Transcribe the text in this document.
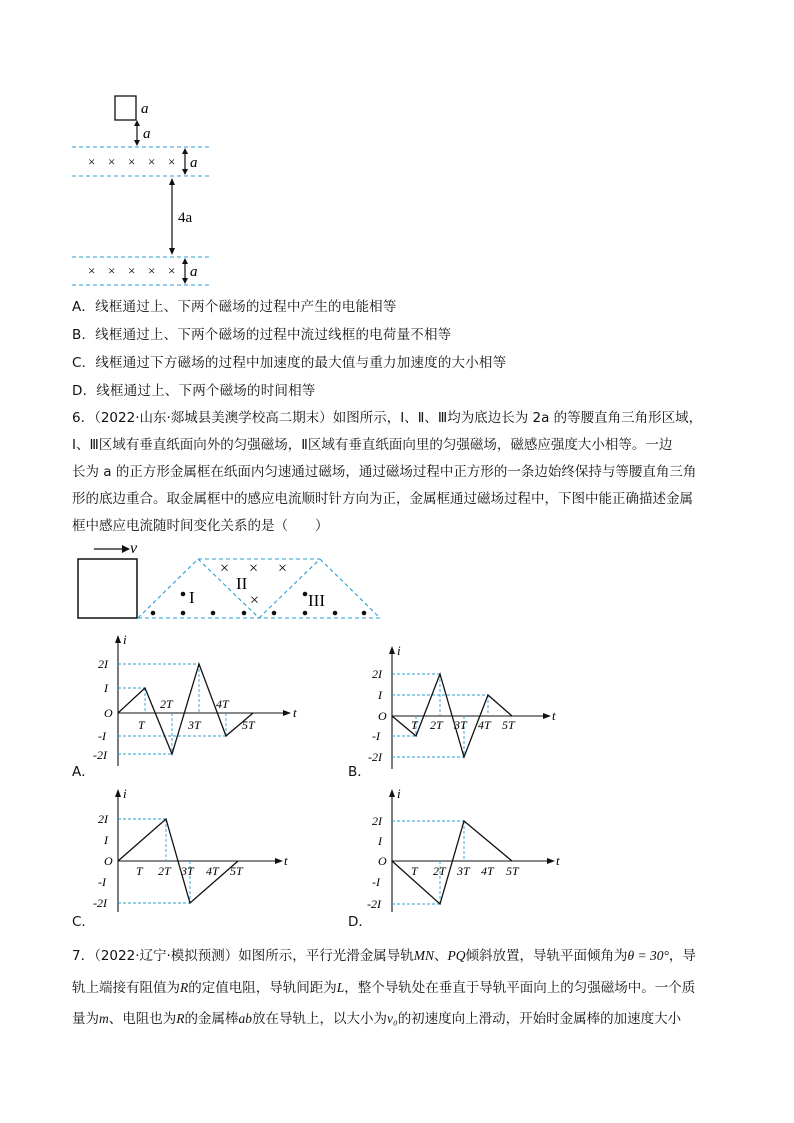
a
a
× × × × × a
4a
× × × × × a
A．线框通过上、下两个磁场的过程中产生的电能相等
B．线框通过上、下两个磁场的过程中流过线框的电荷量不相等
C．线框通过下方磁场的过程中加速度的最大值与重力加速度的大小相等
D．线框通过上、下两个磁场的时间相等
6．（2022·山东·郯城县美澳学校高二期末）如图所示，Ⅰ、Ⅱ、Ⅲ均为底边长为 2a 的等腰直角三角形区域，
Ⅰ、Ⅲ区域有垂直纸面向外的匀强磁场，Ⅱ区域有垂直纸面向里的匀强磁场，磁感应强度大小相等。一边
长为 a 的正方形金属框在纸面内匀速通过磁场，通过磁场过程中正方形的一条边始终保持与等腰直角三角
形的底边重合。取金属框中的感应电流顺时针方向为正，金属框通过磁场过程中，下图中能正确描述金属
框中感应电流随时间变化关系的是（　　）
v
I
II
III
× × ×
×
i
t
2I
I
O
-I
-2I
T
2T
3T
4T
5T
A．
i
t
2I
I
O
-I
-2I
T 2T 3T 4T 5T
B．
i
t
2I
I
O
-I
-2I
T 2T 3T 4T 5T
C．
i
t
2I
I
O
-I
-2I
T 2T 3T 4T 5T
D．
7．（2022·辽宁·模拟预测）如图所示，平行光滑金属导轨MN、PQ倾斜放置，导轨平面倾角为θ = 30°，导
轨上端接有阻值为R的定值电阻，导轨间距为L，整个导轨处在垂直于导轨平面向上的匀强磁场中。一个质
量为m、电阻也为R的金属棒ab放在导轨上，以大小为v₀的初速度向上滑动，开始时金属棒的加速度大小
